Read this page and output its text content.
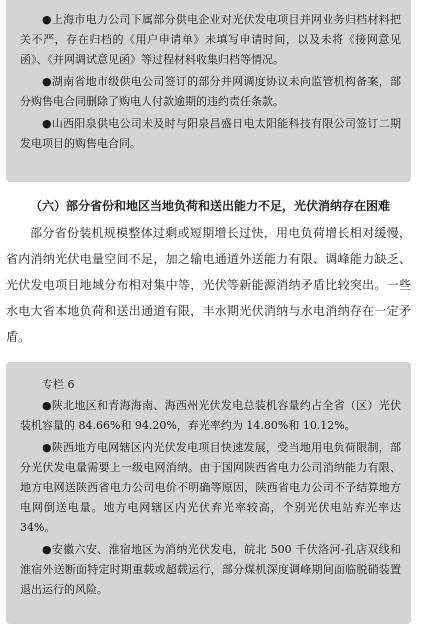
●上海市电力公司下属部分供电企业对光伏发电项目并网业务归档材料把关不严，存在归档的《用户申请单》未填写申请时间，以及未将《接网意见函》、《并网调试意见函》等过程材料收集归档等情况。

●湖南省地市级供电公司签订的部分并网调度协议未向监管机构备案，部分购售电合同删除了购电人付款逾期的违约责任条款。

●山西阳泉供电公司未及时与阳泉昌盛日电太阳能科技有限公司签订二期发电项目的购售电合同。

（六）部分省份和地区当地负荷和送出能力不足，光伏消纳存在困难

部分省份装机规模整体过剩或短期增长过快，用电负荷增长相对缓慢，省内消纳光伏电量空间不足，加之输电通道外送能力有限、调峰能力缺乏、光伏发电项目地域分布相对集中等，光伏等新能源消纳矛盾比较突出。一些水电大省本地负荷和送出通道有限，丰水期光伏消纳与水电消纳存在一定矛盾。

专栏 6

●陕北地区和青海海南、海西州光伏发电总装机容量约占全省（区）光伏装机容量的 84.66%和 94.20%，弃光率约为 14.80%和 10.12%。

●陕西地方电网辖区内光伏发电项目快速发展，受当地用电负荷限制，部分光伏发电量需要上一级电网消纳。由于国网陕西省电力公司消纳能力有限、地方电网送陕西省电力公司电价不明确等原因，陕西省电力公司不予结算地方电网倒送电量。地方电网辖区内光伏弃光率较高，个别光伏电站弃光率达 34%。

●安徽六安、淮宿地区为消纳光伏发电，皖北 500 千伏洛河-孔店双线和淮宿外送断面特定时期重载或超载运行，部分煤机深度调峰期间面临脱硝装置退出运行的风险。
